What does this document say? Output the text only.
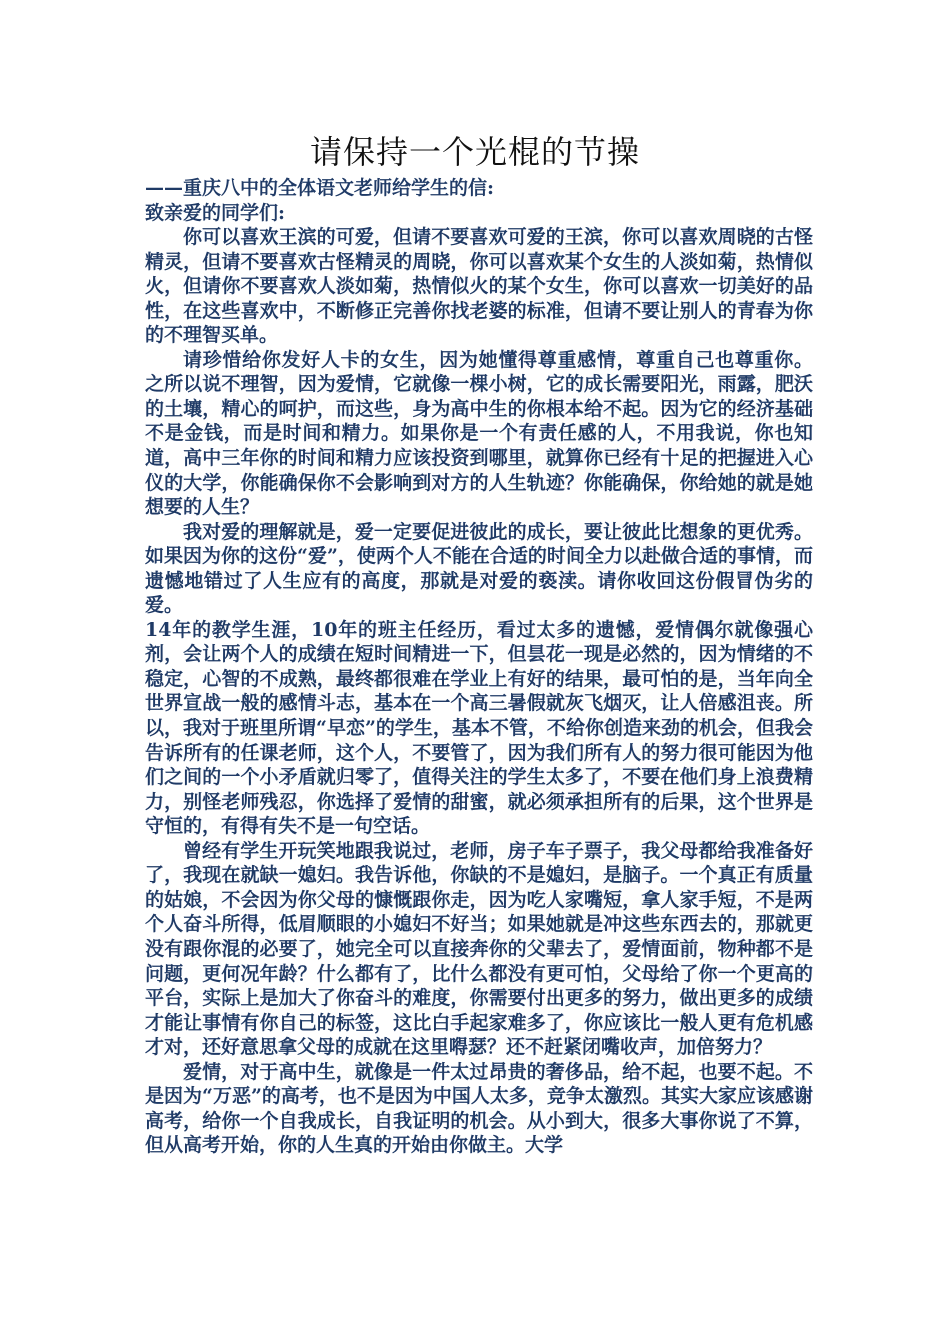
请保持一个光棍的节操

——重庆八中的全体语文老师给学生的信:

致亲爱的同学们:

你可以喜欢王滨的可爱，但请不要喜欢可爱的王滨，你可以喜欢周晓的古怪精灵，但请不要喜欢古怪精灵的周晓，你可以喜欢某个女生的人淡如菊，热情似火，但请你不要喜欢人淡如菊，热情似火的某个女生，你可以喜欢一切美好的品性，在这些喜欢中，不断修正完善你找老婆的标准，但请不要让别人的青春为你的不理智买单。

请珍惜给你发好人卡的女生，因为她懂得尊重感情，尊重自己也尊重你。 之所以说不理智，因为爱情，它就像一棵小树，它的成长需要阳光，雨露，肥沃的土壤，精心的呵护，而这些，身为高中生的你根本给不起。因为它的经济基础不是金钱，而是时间和精力。如果你是一个有责任感的人，不用我说，你也知道，高中三年你的时间和精力应该投资到哪里，就算你已经有十足的把握进入心仪的大学，你能确保你不会影响到对方的人生轨迹？你能确保，你给她的就是她想要的人生？

我对爱的理解就是，爱一定要促进彼此的成长，要让彼此比想象的更优秀。如果因为你的这份“爱”，使两个人不能在合适的时间全力以赴做合适的事情，而遗憾地错过了人生应有的高度，那就是对爱的亵渎。请你收回这份假冒伪劣的爱。

14年的教学生涯，10年的班主任经历，看过太多的遗憾，爱情偶尔就像强心剂，会让两个人的成绩在短时间精进一下，但昙花一现是必然的，因为情绪的不稳定，心智的不成熟，最终都很难在学业上有好的结果，最可怕的是，当年向全世界宣战一般的感情斗志，基本在一个高三暑假就灰飞烟灭，让人倍感沮丧。所以，我对于班里所谓“早恋”的学生，基本不管，不给你创造来劲的机会，但我会告诉所有的任课老师，这个人，不要管了，因为我们所有人的努力很可能因为他们之间的一个小矛盾就归零了，值得关注的学生太多了，不要在他们身上浪费精力，别怪老师残忍，你选择了爱情的甜蜜，就必须承担所有的后果，这个世界是守恒的，有得有失不是一句空话。

曾经有学生开玩笑地跟我说过，老师，房子车子票子，我父母都给我准备好了，我现在就缺一媳妇。我告诉他，你缺的不是媳妇，是脑子。一个真正有质量的姑娘，不会因为你父母的慷慨跟你走，因为吃人家嘴短，拿人家手短，不是两个人奋斗所得，低眉顺眼的小媳妇不好当；如果她就是冲这些东西去的，那就更没有跟你混的必要了，她完全可以直接奔你的父辈去了，爱情面前，物种都不是问题，更何况年龄？什么都有了，比什么都没有更可怕，父母给了你一个更高的平台，实际上是加大了你奋斗的难度，你需要付出更多的努力，做出更多的成绩才能让事情有你自己的标签，这比白手起家难多了，你应该比一般人更有危机感才对，还好意思拿父母的成就在这里嘚瑟？还不赶紧闭嘴收声，加倍努力？

爱情，对于高中生，就像是一件太过昂贵的奢侈品，给不起，也要不起。不是因为“万恶”的高考，也不是因为中国人太多，竞争太激烈。其实大家应该感谢高考，给你一个自我成长，自我证明的机会。从小到大，很多大事你说了不算，但从高考开始，你的人生真的开始由你做主。大学
